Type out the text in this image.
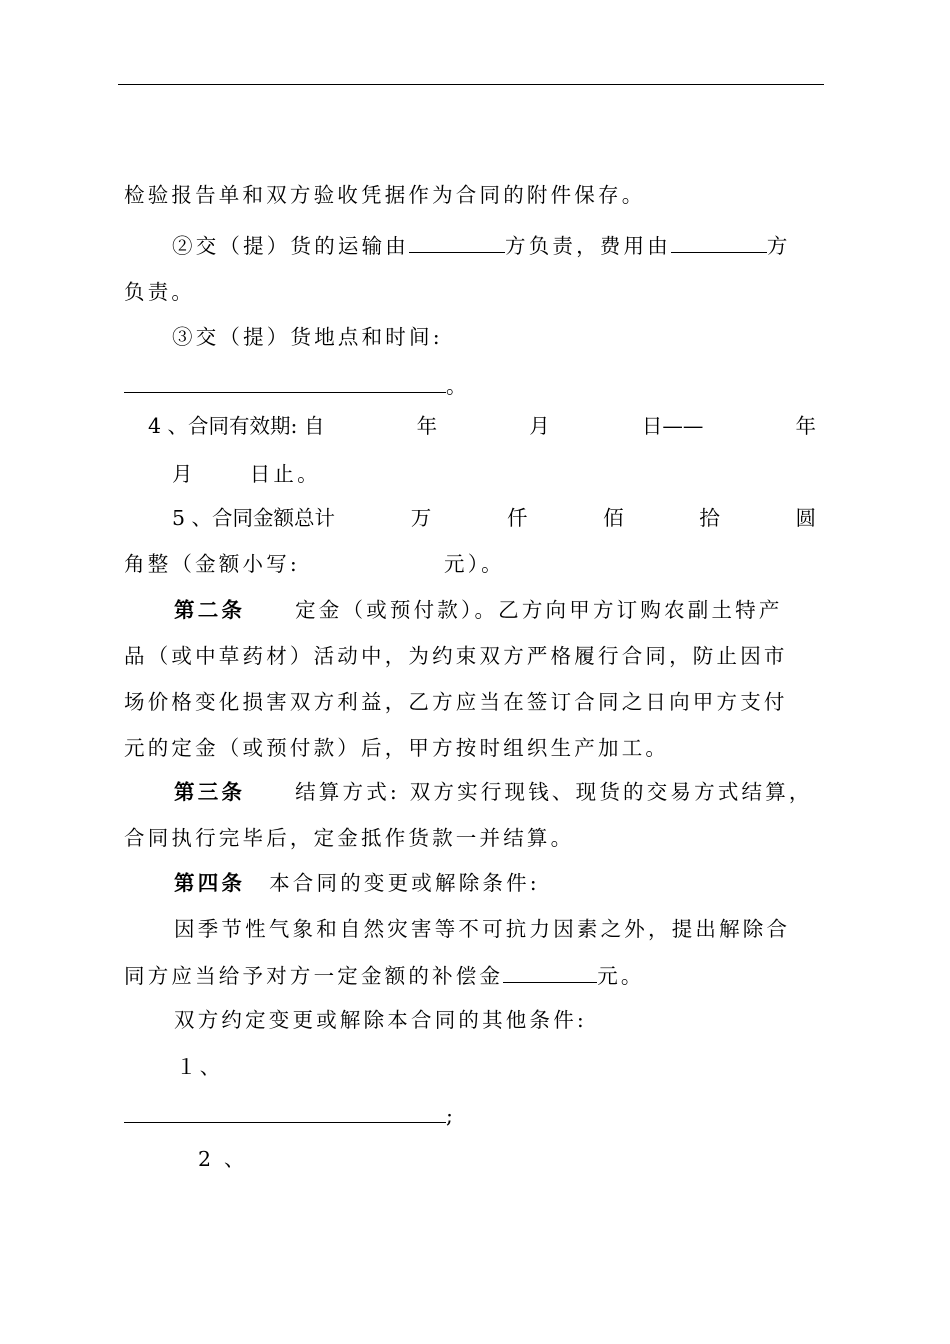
检验报告单和双方验收凭据作为合同的附件保存。
②交（提）货的运输由	方负责，费用由	方
负责。
③交（提）货地点和时间:
。
4 、合同有效期: 自	年	月	日——	年
月	日止。
5 、合同金额总计	万	仟	佰	拾	圆
角整（金额小写:	元）。
第二条 定金（或预付款）。乙方向甲方订购农副土特产
品（或中草药材）活动中，为约束双方严格履行合同，防止因市
场价格变化损害双方利益，乙方应当在签订合同之日向甲方支付
元的定金（或预付款）后，甲方按时组织生产加工。
第三条 结算方式: 双方实行现钱、现货的交易方式结算，
合同执行完毕后，定金抵作货款一并结算。
第四条 本合同的变更或解除条件:
因季节性气象和自然灾害等不可抗力因素之外，提出解除合
同方应当给予对方一定金额的补偿金	元。
双方约定变更或解除本合同的其他条件:
１、
;
2 、
